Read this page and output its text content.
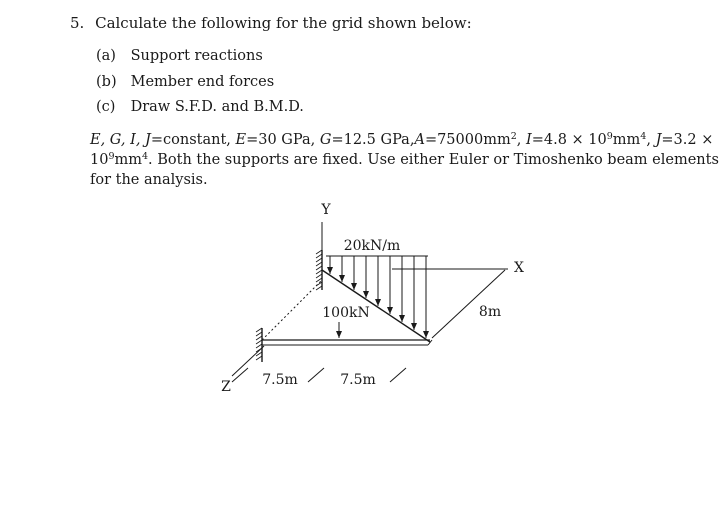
5. Calculate the following for the grid shown below:
(a) Support reactions
(b) Member end forces
(c) Draw S.F.D. and B.M.D.
E, G, I, J=constant, E=30 GPa, G=12.5 $GPa,A=75000mm^2$, $I=4.8 \times 10^9mm^4$, J=3.2 ×
$10^9mm^4$. Both the supports are fixed. Use either Euler or Timoshenko beam elements
for the analysis.
20kN/m
X
Y
8m
100kN
Z 7.5m	7.5m
